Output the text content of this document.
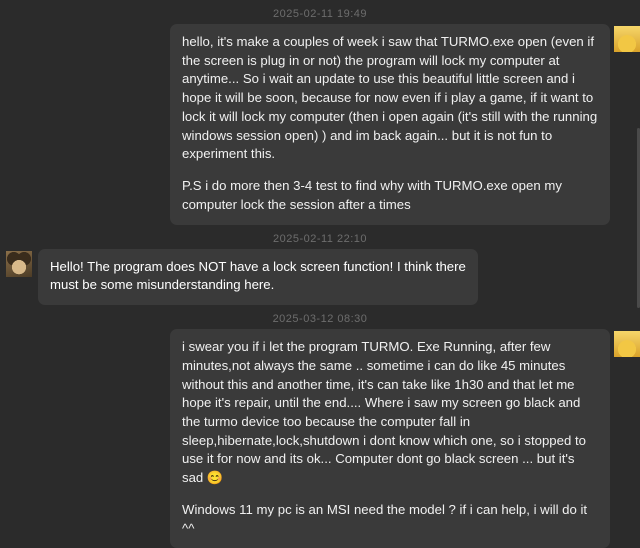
2025-02-11 19:49

hello, it's make a couples of week i saw that TURMO.exe open (even if the screen is plug in or not) the program will lock my computer at anytime... So i wait an update to use this beautiful little screen and i hope it will be soon, because for now even if i play a game, if it want to lock it will lock my computer (then i open again (it's still with the running windows session open) ) and im back again... but it is not fun to experiment this.

P.S i do more then 3-4 test to find why with TURMO.exe open my computer lock the session after a times

2025-02-11 22:10

Hello! The program does NOT have a lock screen function! I think there must be some misunderstanding here.

2025-03-12 08:30

i swear you if i let the program TURMO. Exe Running, after few minutes,not always the same .. sometime i can do like 45 minutes without this and another time, it's can take like 1h30 and that let me hope it's repair, until the end.... Where i saw my screen go black and the turmo device too because the computer fall in sleep,hibernate,lock,shutdown i dont know which one, so i stopped to use it for now and its ok... Computer dont go black screen ... but it's sad 😊

Windows 11 my pc is an MSI need the model ? if i can help, i will do it ^^
